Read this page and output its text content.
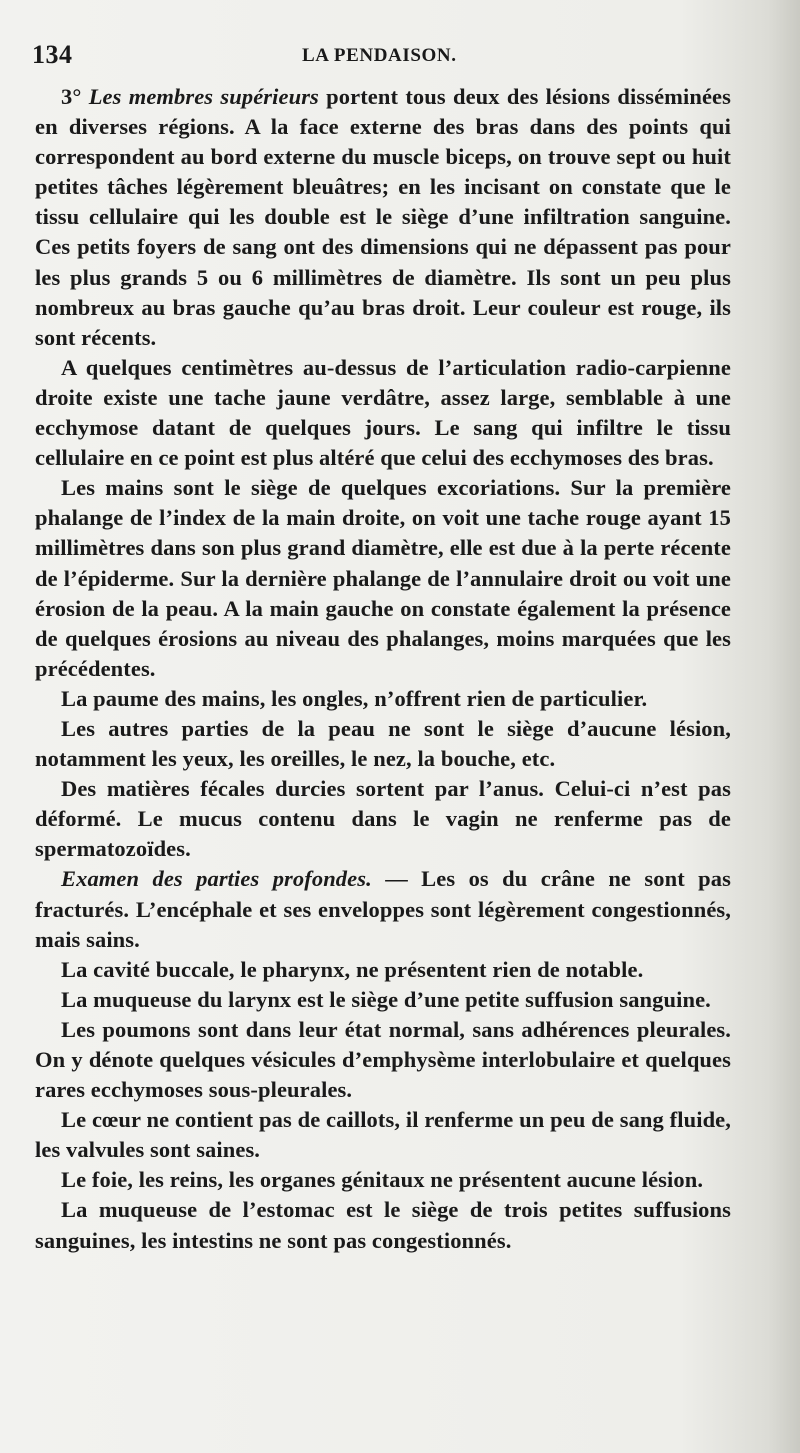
134	LA PENDAISON.

3° Les membres supérieurs portent tous deux des lésions disséminées en diverses régions. A la face externe des bras dans des points qui correspondent au bord externe du muscle biceps, on trouve sept ou huit petites tâches légèrement bleuâtres; en les incisant on constate que le tissu cellulaire qui les double est le siège d’une infiltration sanguine. Ces petits foyers de sang ont des dimensions qui ne dépassent pas pour les plus grands 5 ou 6 millimètres de diamètre. Ils sont un peu plus nombreux au bras gauche qu’au bras droit. Leur couleur est rouge, ils sont récents.

A quelques centimètres au-dessus de l’articulation radio-carpienne droite existe une tache jaune verdâtre, assez large, semblable à une ecchymose datant de quelques jours. Le sang qui infiltre le tissu cellulaire en ce point est plus altéré que celui des ecchymoses des bras.

Les mains sont le siège de quelques excoriations. Sur la première phalange de l’index de la main droite, on voit une tache rouge ayant 15 millimètres dans son plus grand diamètre, elle est due à la perte récente de l’épiderme. Sur la dernière phalange de l’annulaire droit ou voit une érosion de la peau. A la main gauche on constate également la présence de quelques érosions au niveau des phalanges, moins marquées que les précédentes.

La paume des mains, les ongles, n’offrent rien de particulier.

Les autres parties de la peau ne sont le siège d’aucune lésion, notamment les yeux, les oreilles, le nez, la bouche, etc.

Des matières fécales durcies sortent par l’anus. Celui-ci n’est pas déformé. Le mucus contenu dans le vagin ne renferme pas de spermatozoïdes.

Examen des parties profondes. — Les os du crâne ne sont pas fracturés. L’encéphale et ses enveloppes sont légèrement congestionnés, mais sains.

La cavité buccale, le pharynx, ne présentent rien de notable.

La muqueuse du larynx est le siège d’une petite suffusion sanguine.

Les poumons sont dans leur état normal, sans adhérences pleurales. On y dénote quelques vésicules d’emphysème interlobulaire et quelques rares ecchymoses sous-pleurales.

Le cœur ne contient pas de caillots, il renferme un peu de sang fluide, les valvules sont saines.

Le foie, les reins, les organes génitaux ne présentent aucune lésion.

La muqueuse de l’estomac est le siège de trois petites suffusions sanguines, les intestins ne sont pas congestionnés.
